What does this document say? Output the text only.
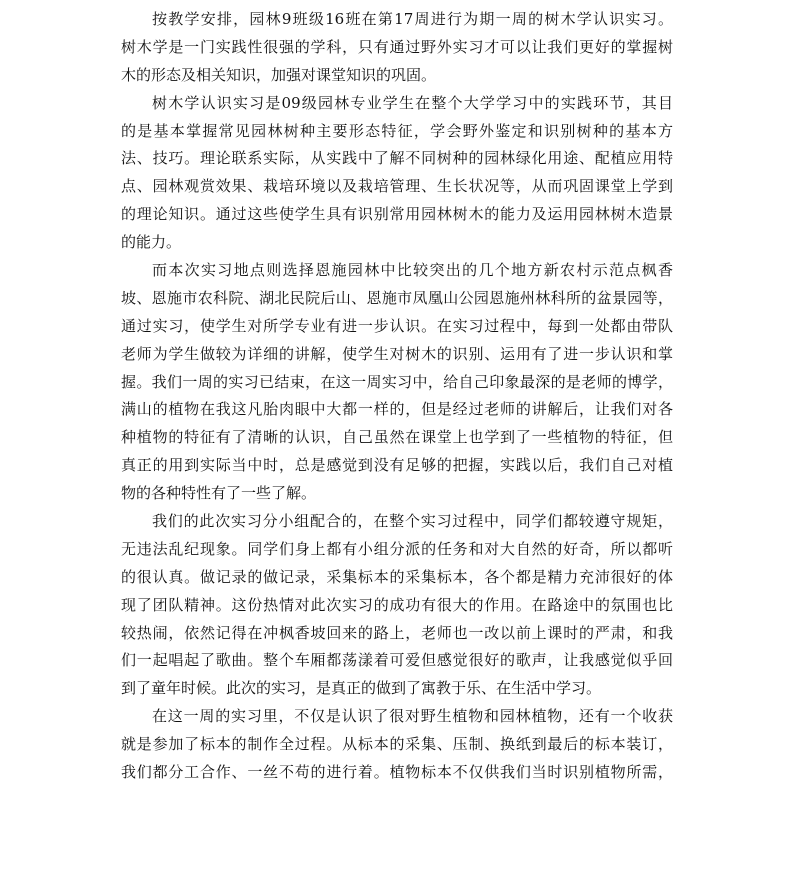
按教学安排，园林9班级16班在第17周进行为期一周的树木学认识实习。
树木学是一门实践性很强的学科，只有通过野外实习才可以让我们更好的掌握树
木的形态及相关知识，加强对课堂知识的巩固。
树木学认识实习是09级园林专业学生在整个大学学习中的实践环节，其目
的是基本掌握常见园林树种主要形态特征，学会野外鉴定和识别树种的基本方
法、技巧。理论联系实际，从实践中了解不同树种的园林绿化用途、配植应用特
点、园林观赏效果、栽培环境以及栽培管理、生长状况等，从而巩固课堂上学到
的理论知识。通过这些使学生具有识别常用园林树木的能力及运用园林树木造景
的能力。
而本次实习地点则选择恩施园林中比较突出的几个地方新农村示范点枫香
坡、恩施市农科院、湖北民院后山、恩施市凤凰山公园恩施州林科所的盆景园等，
通过实习，使学生对所学专业有进一步认识。在实习过程中，每到一处都由带队
老师为学生做较为详细的讲解，使学生对树木的识别、运用有了进一步认识和掌
握。我们一周的实习已结束，在这一周实习中，给自己印象最深的是老师的博学，
满山的植物在我这凡胎肉眼中大都一样的，但是经过老师的讲解后，让我们对各
种植物的特征有了清晰的认识，自己虽然在课堂上也学到了一些植物的特征，但
真正的用到实际当中时，总是感觉到没有足够的把握，实践以后，我们自己对植
物的各种特性有了一些了解。
我们的此次实习分小组配合的，在整个实习过程中，同学们都较遵守规矩，
无违法乱纪现象。同学们身上都有小组分派的任务和对大自然的好奇，所以都听
的很认真。做记录的做记录，采集标本的采集标本，各个都是精力充沛很好的体
现了团队精神。这份热情对此次实习的成功有很大的作用。在路途中的氛围也比
较热闹，依然记得在冲枫香坡回来的路上，老师也一改以前上课时的严肃，和我
们一起唱起了歌曲。整个车厢都荡漾着可爱但感觉很好的歌声，让我感觉似乎回
到了童年时候。此次的实习，是真正的做到了寓教于乐、在生活中学习。
在这一周的实习里，不仅是认识了很对野生植物和园林植物，还有一个收获
就是参加了标本的制作全过程。从标本的采集、压制、换纸到最后的标本装订，
我们都分工合作、一丝不苟的进行着。植物标本不仅供我们当时识别植物所需，
